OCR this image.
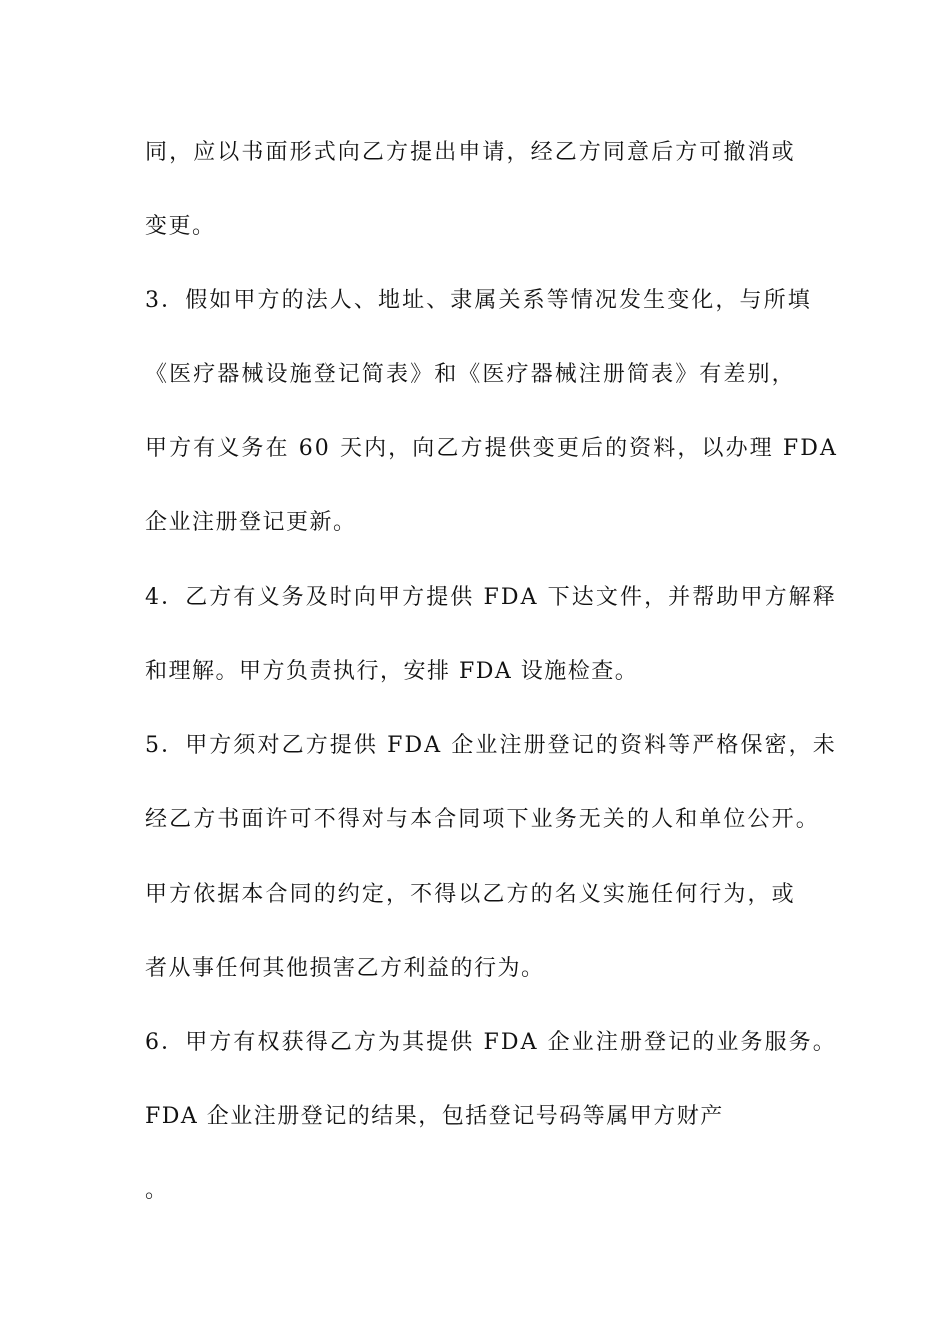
同，应以书面形式向乙方提出申请，经乙方同意后方可撤消或
变更。
3．假如甲方的法人、地址、隶属关系等情况发生变化，与所填
《医疗器械设施登记简表》和《医疗器械注册简表》有差别，
甲方有义务在 60 天内，向乙方提供变更后的资料，以办理 FDA
企业注册登记更新。
4．乙方有义务及时向甲方提供 FDA 下达文件，并帮助甲方解释
和理解。甲方负责执行，安排 FDA 设施检查。
5．甲方须对乙方提供 FDA 企业注册登记的资料等严格保密，未
经乙方书面许可不得对与本合同项下业务无关的人和单位公开。
甲方依据本合同的约定，不得以乙方的名义实施任何行为，或
者从事任何其他损害乙方利益的行为。
6．甲方有权获得乙方为其提供 FDA 企业注册登记的业务服务。
FDA 企业注册登记的结果，包括登记号码等属甲方财产
。
